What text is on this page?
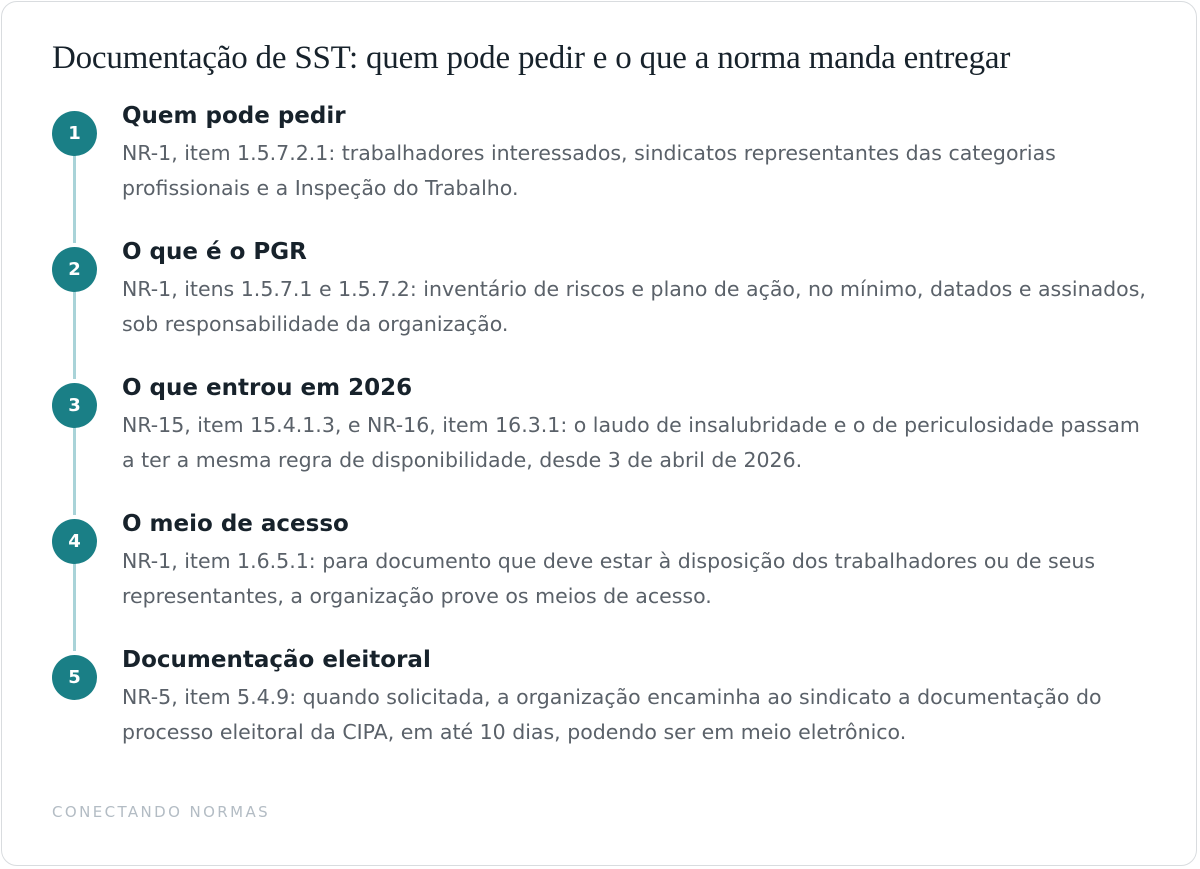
Documentação de SST: quem pode pedir e o que a norma manda entregar
1
Quem pode pedir

NR-1, item 1.5.7.2.1: trabalhadores interessados, sindicatos representantes das categorias profissionais e a Inspeção do Trabalho.

2
O que é o PGR

NR-1, itens 1.5.7.1 e 1.5.7.2: inventário de riscos e plano de ação, no mínimo, datados e assinados, sob responsabilidade da organização.

3
O que entrou em 2026

NR-15, item 15.4.1.3, e NR-16, item 16.3.1: o laudo de insalubridade e o de periculosidade passam a ter a mesma regra de disponibilidade, desde 3 de abril de 2026.

4
O meio de acesso

NR-1, item 1.6.5.1: para documento que deve estar à disposição dos trabalhadores ou de seus representantes, a organização prove os meios de acesso.

5
Documentação eleitoral

NR-5, item 5.4.9: quando solicitada, a organização encaminha ao sindicato a documentação do processo eleitoral da CIPA, em até 10 dias, podendo ser em meio eletrônico.

CONECTANDO NORMAS
